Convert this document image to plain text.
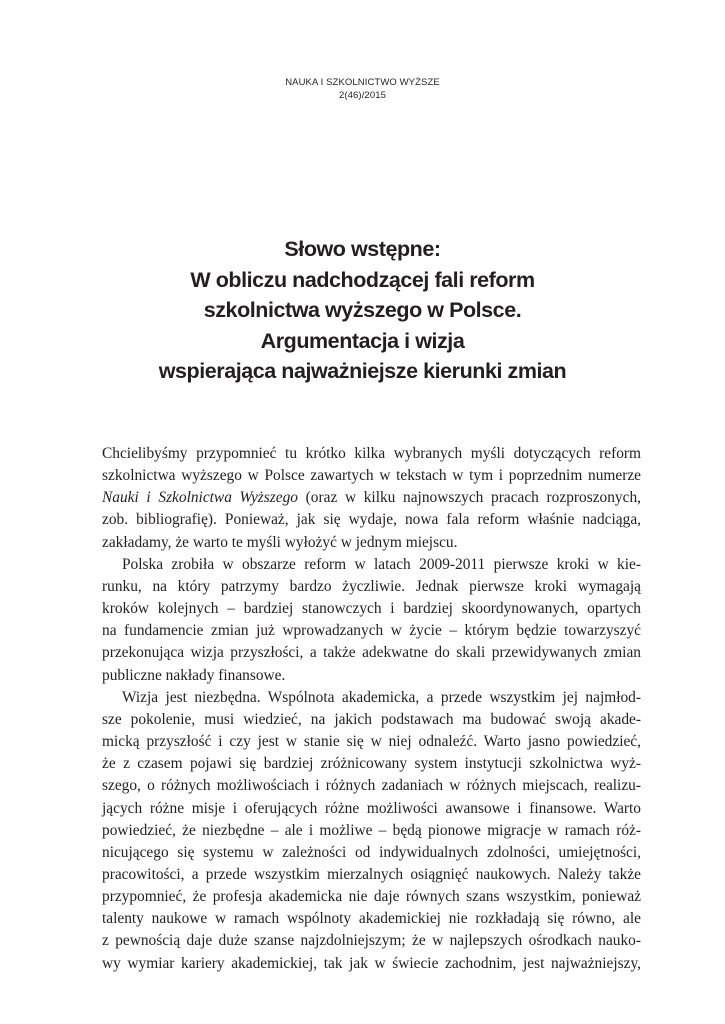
NAUKA I SZKOLNICTWO WYŻSZE
2(46)/2015
Słowo wstępne:
W obliczu nadchodzącej fali reform
szkolnictwa wyższego w Polsce.
Argumentacja i wizja
wspierająca najważniejsze kierunki zmian

Chcielibyśmy przypomnieć tu krótko kilka wybranych myśli dotyczących reform
szkolnictwa wyższego w Polsce zawartych w tekstach w tym i poprzednim numerze
Nauki i Szkolnictwa Wyższego (oraz w kilku najnowszych pracach rozproszonych,
zob. bibliografię). Ponieważ, jak się wydaje, nowa fala reform właśnie nadciąga,
zakładamy, że warto te myśli wyłożyć w jednym miejscu.

Polska zrobiła w obszarze reform w latach 2009-2011 pierwsze kroki w kie-
runku, na który patrzymy bardzo życzliwie. Jednak pierwsze kroki wymagają
kroków kolejnych – bardziej stanowczych i bardziej skoordynowanych, opartych
na fundamencie zmian już wprowadzanych w życie – którym będzie towarzyszyć
przekonująca wizja przyszłości, a także adekwatne do skali przewidywanych zmian
publiczne nakłady finansowe.

Wizja jest niezbędna. Wspólnota akademicka, a przede wszystkim jej najmłod-
sze pokolenie, musi wiedzieć, na jakich podstawach ma budować swoją akade-
micką przyszłość i czy jest w stanie się w niej odnaleźć. Warto jasno powiedzieć,
że z czasem pojawi się bardziej zróżnicowany system instytucji szkolnictwa wyż-
szego, o różnych możliwościach i różnych zadaniach w różnych miejscach, realizu-
jących różne misje i oferujących różne możliwości awansowe i finansowe. Warto
powiedzieć, że niezbędne – ale i możliwe – będą pionowe migracje w ramach róż-
nicującego się systemu w zależności od indywidualnych zdolności, umiejętności,
pracowitości, a przede wszystkim mierzalnych osiągnięć naukowych. Należy także
przypomnieć, że profesja akademicka nie daje równych szans wszystkim, ponieważ
talenty naukowe w ramach wspólnoty akademickiej nie rozkładają się równo, ale
z pewnością daje duże szanse najzdolniejszym; że w najlepszych ośrodkach nauko-
wy wymiar kariery akademickiej, tak jak w świecie zachodnim, jest najważniejszy,
